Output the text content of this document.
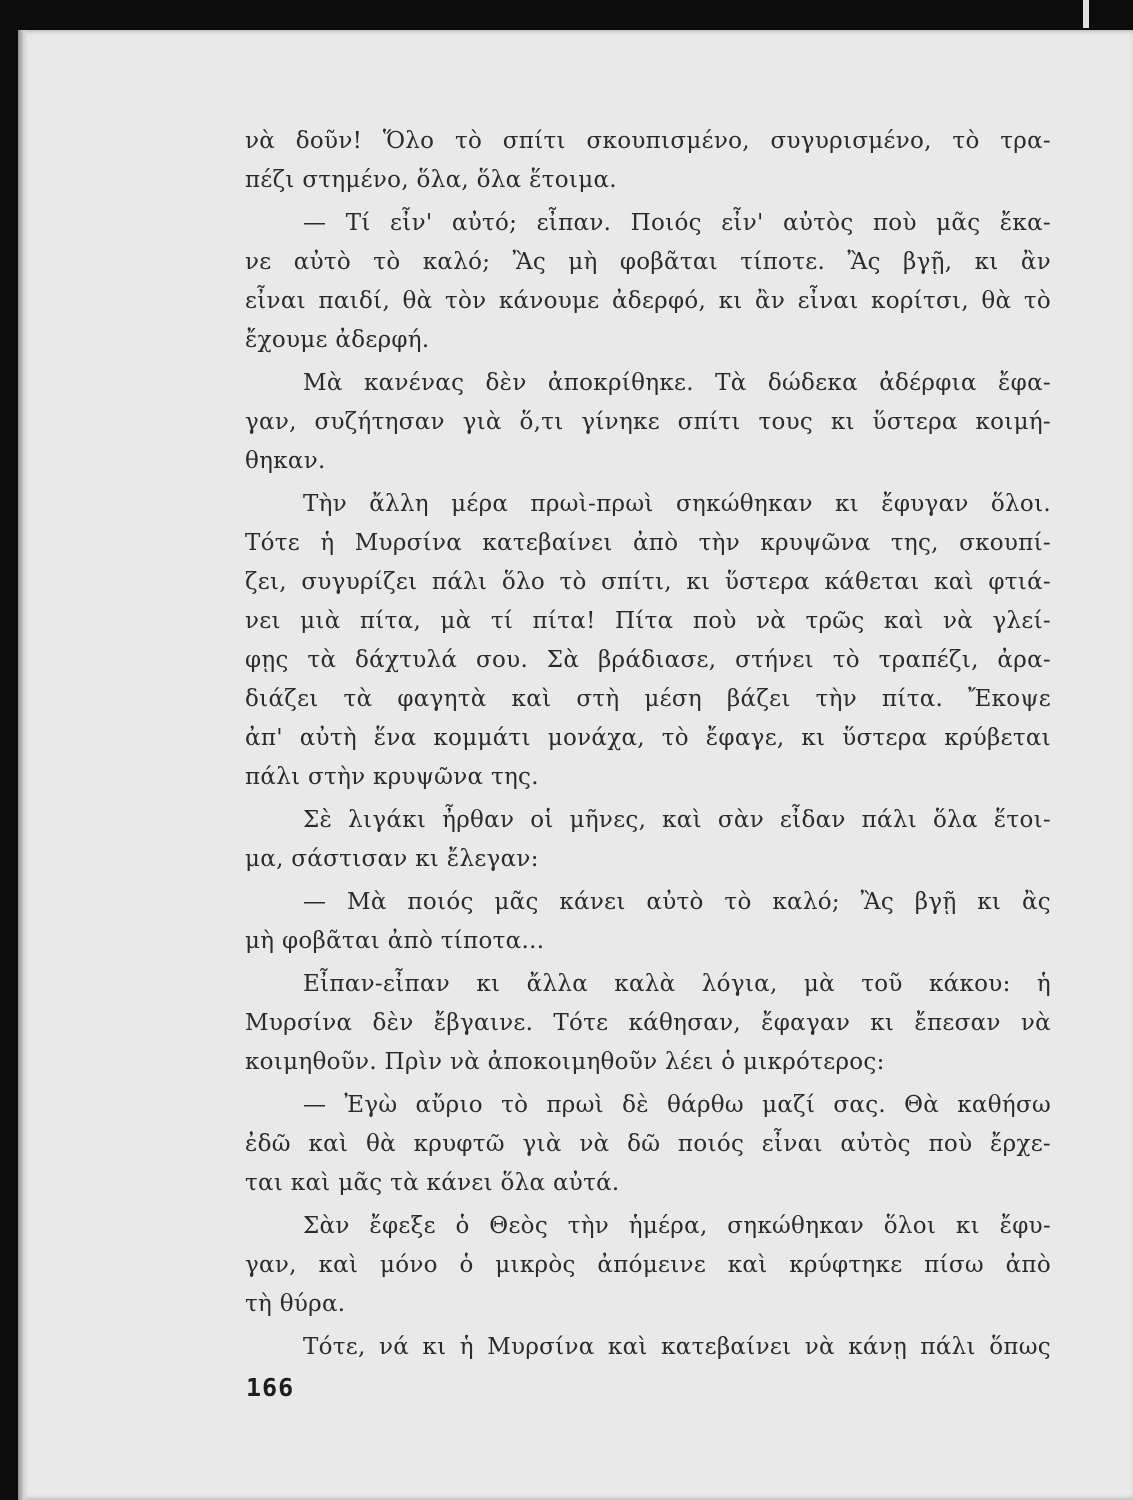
νὰ δοῦν! Ὅλο τὸ σπίτι σκουπισμένο, συγυρισμένο, τὸ τρα-
πέζι στημένο, ὅλα, ὅλα ἕτοιμα.
— Τί εἶν' αὐτό; εἶπαν. Ποιός εἶν' αὐτὸς ποὺ μᾶς ἔκα-
νε αὐτὸ τὸ καλό; Ἂς μὴ φοβᾶται τίποτε. Ἂς βγῇ, κι ἂν
εἶναι παιδί, θὰ τὸν κάνουμε ἀδερφό, κι ἂν εἶναι κορίτσι, θὰ τὸ
ἔχουμε ἀδερφή.
Μὰ κανένας δὲν ἀποκρίθηκε. Τὰ δώδεκα ἀδέρφια ἔφα-
γαν, συζήτησαν γιὰ ὅ,τι γίνηκε σπίτι τους κι ὕστερα κοιμή-
θηκαν.
Τὴν ἄλλη μέρα πρωὶ-πρωὶ σηκώθηκαν κι ἔφυγαν ὅλοι.
Τότε ἡ Μυρσίνα κατεβαίνει ἀπὸ τὴν κρυψῶνα της, σκουπί-
ζει, συγυρίζει πάλι ὅλο τὸ σπίτι, κι ὕστερα κάθεται καὶ φτιά-
νει μιὰ πίτα, μὰ τί πίτα! Πίτα ποὺ νὰ τρῶς καὶ νὰ γλεί-
φῃς τὰ δάχτυλά σου. Σὰ βράδιασε, στήνει τὸ τραπέζι, ἀρα-
διάζει τὰ φαγητὰ καὶ στὴ μέση βάζει τὴν πίτα. Ἔκοψε
ἀπ' αὐτὴ ἕνα κομμάτι μονάχα, τὸ ἔφαγε, κι ὕστερα κρύβεται
πάλι στὴν κρυψῶνα της.
Σὲ λιγάκι ἦρθαν οἱ μῆνες, καὶ σὰν εἶδαν πάλι ὅλα ἕτοι-
μα, σάστισαν κι ἔλεγαν:
— Μὰ ποιός μᾶς κάνει αὐτὸ τὸ καλό; Ἂς βγῇ κι ἂς
μὴ φοβᾶται ἀπὸ τίποτα...
Εἶπαν-εἶπαν κι ἄλλα καλὰ λόγια, μὰ τοῦ κάκου: ἡ
Μυρσίνα δὲν ἔβγαινε. Τότε κάθησαν, ἔφαγαν κι ἔπεσαν νὰ
κοιμηθοῦν. Πρὶν νὰ ἀποκοιμηθοῦν λέει ὁ μικρότερος:
— Ἐγὼ αὔριο τὸ πρωὶ δὲ θάρθω μαζί σας. Θὰ καθήσω
ἐδῶ καὶ θὰ κρυφτῶ γιὰ νὰ δῶ ποιός εἶναι αὐτὸς ποὺ ἔρχε-
ται καὶ μᾶς τὰ κάνει ὅλα αὐτά.
Σὰν ἔφεξε ὁ Θεὸς τὴν ἡμέρα, σηκώθηκαν ὅλοι κι ἔφυ-
γαν, καὶ μόνο ὁ μικρὸς ἀπόμεινε καὶ κρύφτηκε πίσω ἀπὸ
τὴ θύρα.
Τότε, νά κι ἡ Μυρσίνα καὶ κατεβαίνει νὰ κάνῃ πάλι ὅπως
166
